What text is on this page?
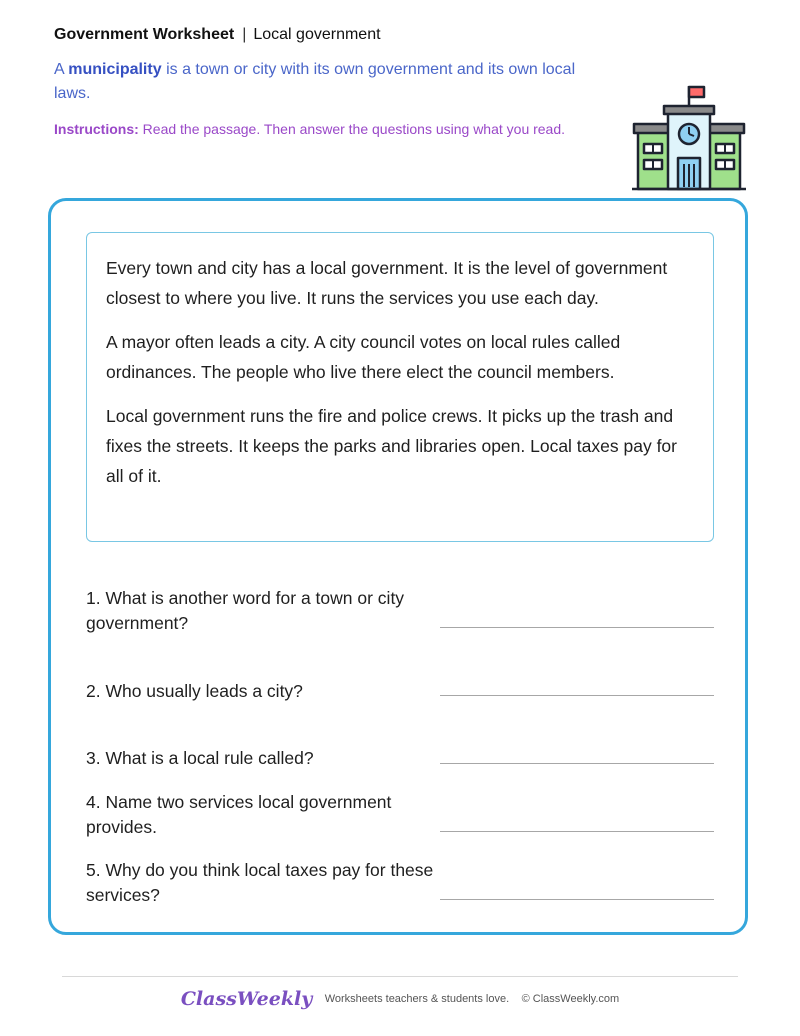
Government Worksheet | Local government
A municipality is a town or city with its own government and its own local laws.
Instructions: Read the passage. Then answer the questions using what you read.

Every town and city has a local government. It is the level of government closest to where you live. It runs the services you use each day.

A mayor often leads a city. A city council votes on local rules called ordinances. The people who live there elect the council members.

Local government runs the fire and police crews. It picks up the trash and fixes the streets. It keeps the parks and libraries open. Local taxes pay for all of it.

1. What is another word for a town or city government?
2. Who usually leads a city?
3. What is a local rule called?
4. Name two services local government provides.
5. Why do you think local taxes pay for these services?
ClassWeekly Worksheets teachers & students love. © ClassWeekly.com
